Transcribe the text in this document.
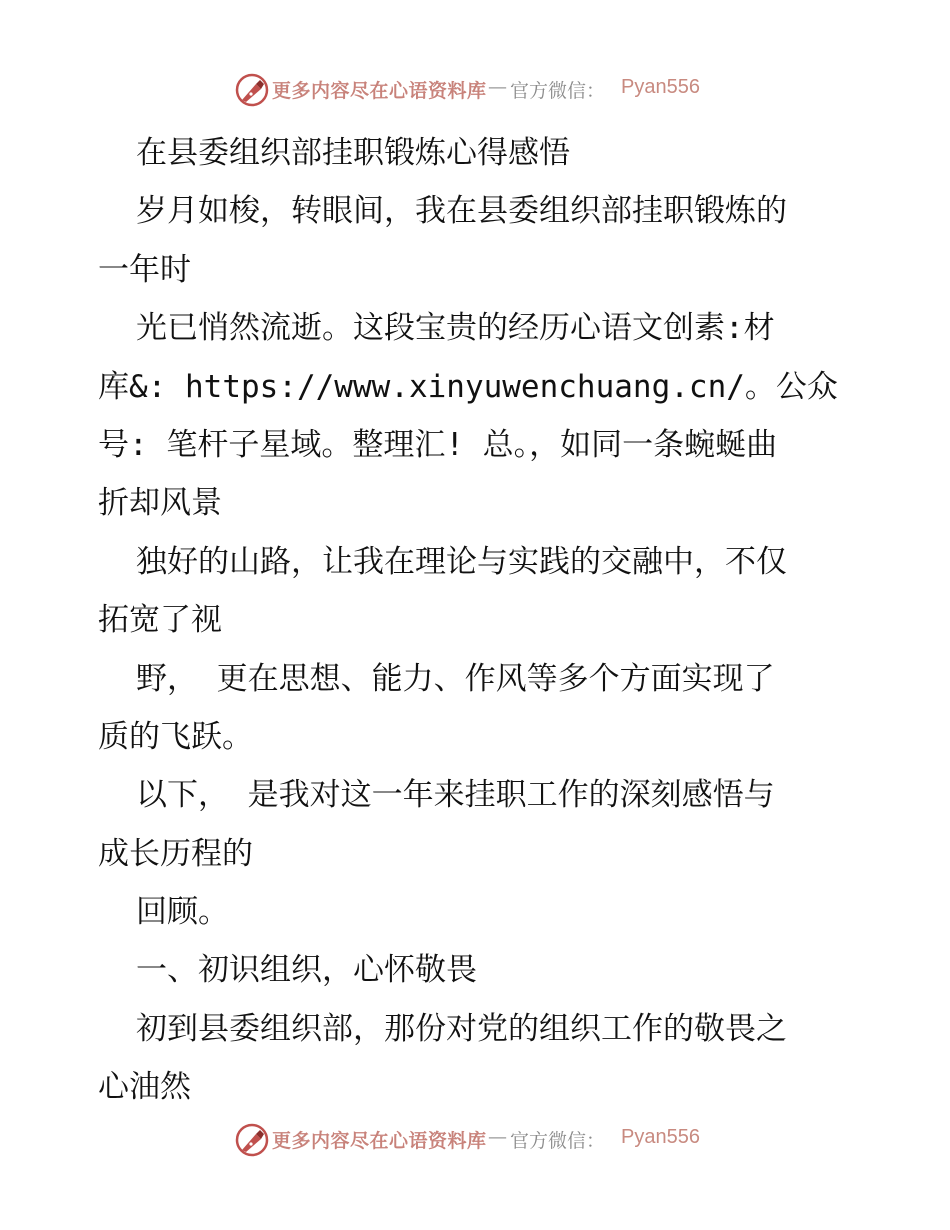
更多内容尽在心语资料库 — 官方微信： Pyan556
在县委组织部挂职锻炼心得感悟
岁月如梭，转眼间，我在县委组织部挂职锻炼的
一年时
光已悄然流逝。这段宝贵的经历心语文创素:材
库&: https://www.xinyuwenchuang.cn/。公众
号: 笔杆子星域。整理汇! 总。，如同一条蜿蜒曲
折却风景
独好的山路，让我在理论与实践的交融中，不仅
拓宽了视
野， 更在思想、能力、作风等多个方面实现了
质的飞跃。
以下， 是我对这一年来挂职工作的深刻感悟与
成长历程的
回顾。
一、初识组织，心怀敬畏
初到县委组织部，那份对党的组织工作的敬畏之
心油然
更多内容尽在心语资料库 — 官方微信： Pyan556
